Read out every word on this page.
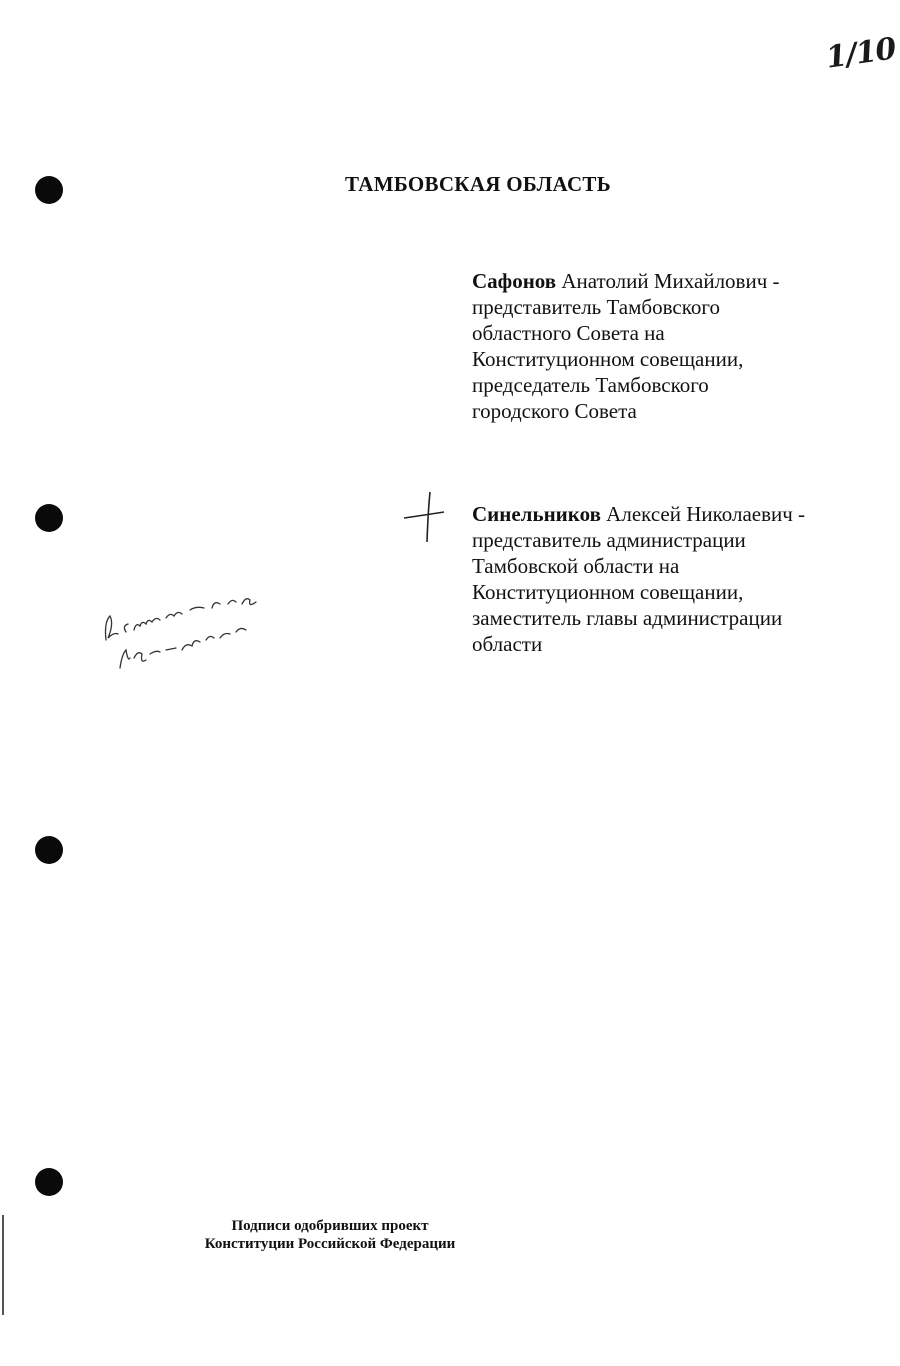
1/10
ТАМБОВСКАЯ ОБЛАСТЬ
Сафонов Анатолий Михайлович -
представитель Тамбовского
областного Совета на
Конституционном совещании,
председатель Тамбовского
городского Совета
Синельников Алексей Николаевич -
представитель администрации
Тамбовской области на
Конституционном совещании,
заместитель главы администрации
области
Подписи одобривших проект
Конституции Российской Федерации
